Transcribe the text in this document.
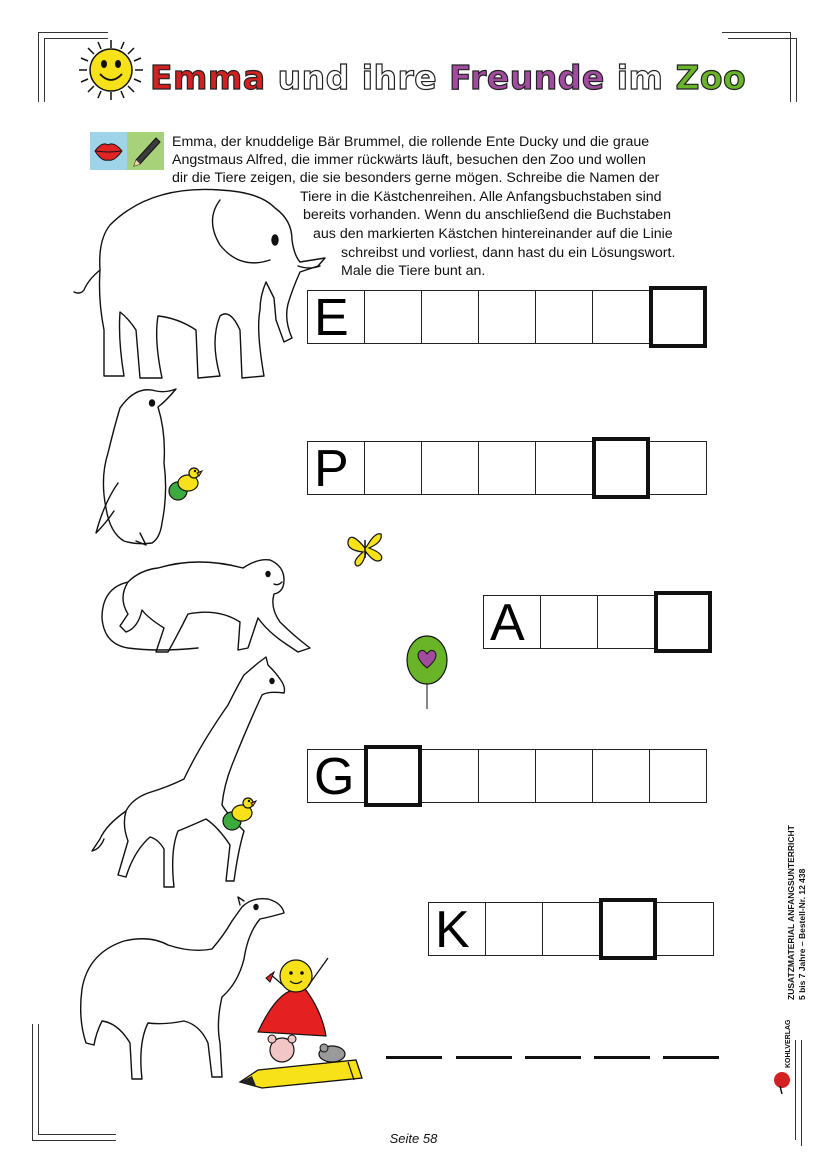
Emma und ihre Freunde im Zoo
Emma, der knuddelige Bär Brummel, die rollende Ente Ducky und die graue
Angstmaus Alfred, die immer rückwärts läuft, besuchen den Zoo und wollen
dir die Tiere zeigen, die sie besonders gerne mögen. Schreibe die Namen der
Tiere in die Kästchenreihen. Alle Anfangsbuchstaben sind
bereits vorhanden. Wenn du anschließend die Buchstaben
aus den markierten Kästchen hintereinander auf die Linie
schreibst und vorliest, dann hast du ein Lösungswort.
Male die Tiere bunt an.
E
P
A
G
K	ZUSATZMATERIAL ANFANGSUNTERRICHT 5 bis 7 Jahre – Bestell-Nr. 12 438
KOHLVERLAG
Seite 58
